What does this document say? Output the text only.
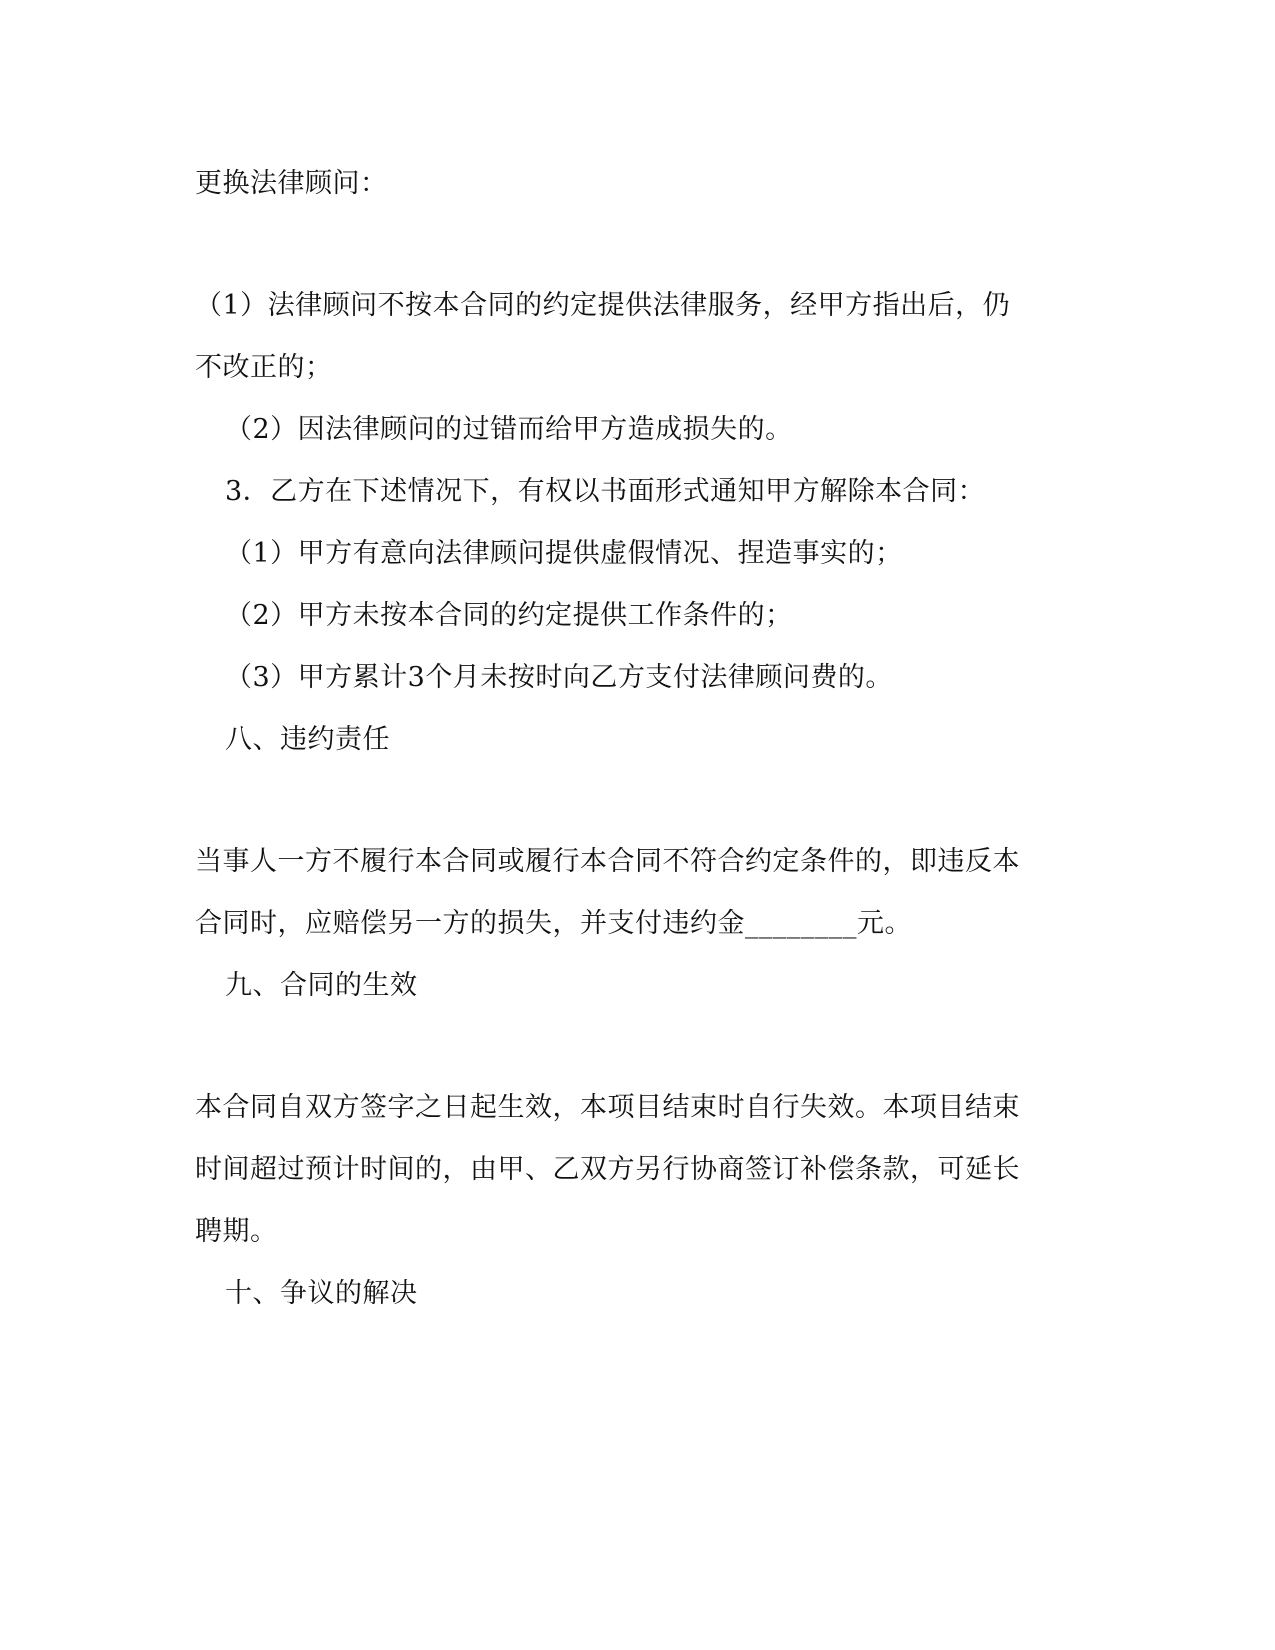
更换法律顾问：
（1）法律顾问不按本合同的约定提供法律服务，经甲方指出后，仍
不改正的；
（2）因法律顾问的过错而给甲方造成损失的。
3．乙方在下述情况下，有权以书面形式通知甲方解除本合同：
（1）甲方有意向法律顾问提供虚假情况、捏造事实的；
（2）甲方未按本合同的约定提供工作条件的；
（3）甲方累计3个月未按时向乙方支付法律顾问费的。
八、违约责任
当事人一方不履行本合同或履行本合同不符合约定条件的，即违反本
合同时，应赔偿另一方的损失，并支付违约金________元。
九、合同的生效
本合同自双方签字之日起生效，本项目结束时自行失效。本项目结束
时间超过预计时间的，由甲、乙双方另行协商签订补偿条款，可延长
聘期。
十、争议的解决
